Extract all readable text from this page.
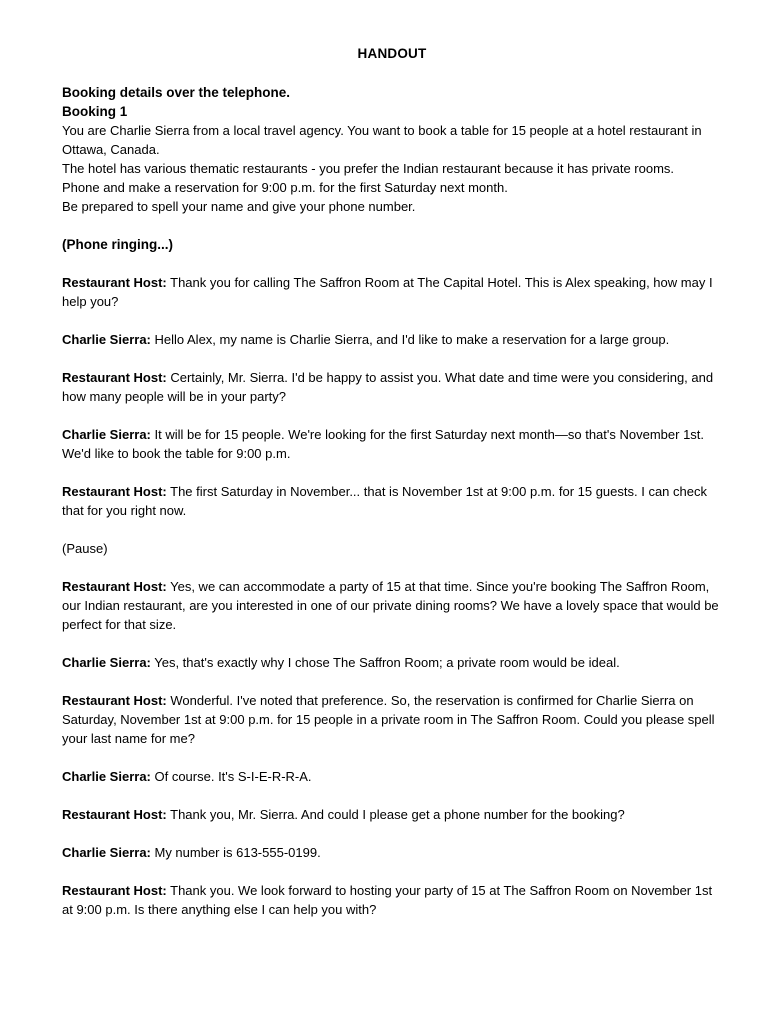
HANDOUT

Booking details over the telephone.

Booking 1

You are Charlie Sierra from a local travel agency. You want to book a table for 15 people at a hotel restaurant in Ottawa, Canada.

The hotel has various thematic restaurants - you prefer the Indian restaurant because it has private rooms.

Phone and make a reservation for 9:00 p.m. for the first Saturday next month.

Be prepared to spell your name and give your phone number.

(Phone ringing...)

Restaurant Host: Thank you for calling The Saffron Room at The Capital Hotel. This is Alex speaking, how may I help you?

Charlie Sierra: Hello Alex, my name is Charlie Sierra, and I'd like to make a reservation for a large group.

Restaurant Host: Certainly, Mr. Sierra. I'd be happy to assist you. What date and time were you considering, and how many people will be in your party?

Charlie Sierra: It will be for 15 people. We're looking for the first Saturday next month—so that's November 1st. We'd like to book the table for 9:00 p.m.

Restaurant Host: The first Saturday in November... that is November 1st at 9:00 p.m. for 15 guests. I can check that for you right now.

(Pause)

Restaurant Host: Yes, we can accommodate a party of 15 at that time. Since you're booking The Saffron Room, our Indian restaurant, are you interested in one of our private dining rooms? We have a lovely space that would be perfect for that size.

Charlie Sierra: Yes, that's exactly why I chose The Saffron Room; a private room would be ideal.

Restaurant Host: Wonderful. I've noted that preference. So, the reservation is confirmed for Charlie Sierra on Saturday, November 1st at 9:00 p.m. for 15 people in a private room in The Saffron Room. Could you please spell your last name for me?

Charlie Sierra: Of course. It's S-I-E-R-R-A.

Restaurant Host: Thank you, Mr. Sierra. And could I please get a phone number for the booking?

Charlie Sierra: My number is 613-555-0199.

Restaurant Host: Thank you. We look forward to hosting your party of 15 at The Saffron Room on November 1st at 9:00 p.m. Is there anything else I can help you with?
